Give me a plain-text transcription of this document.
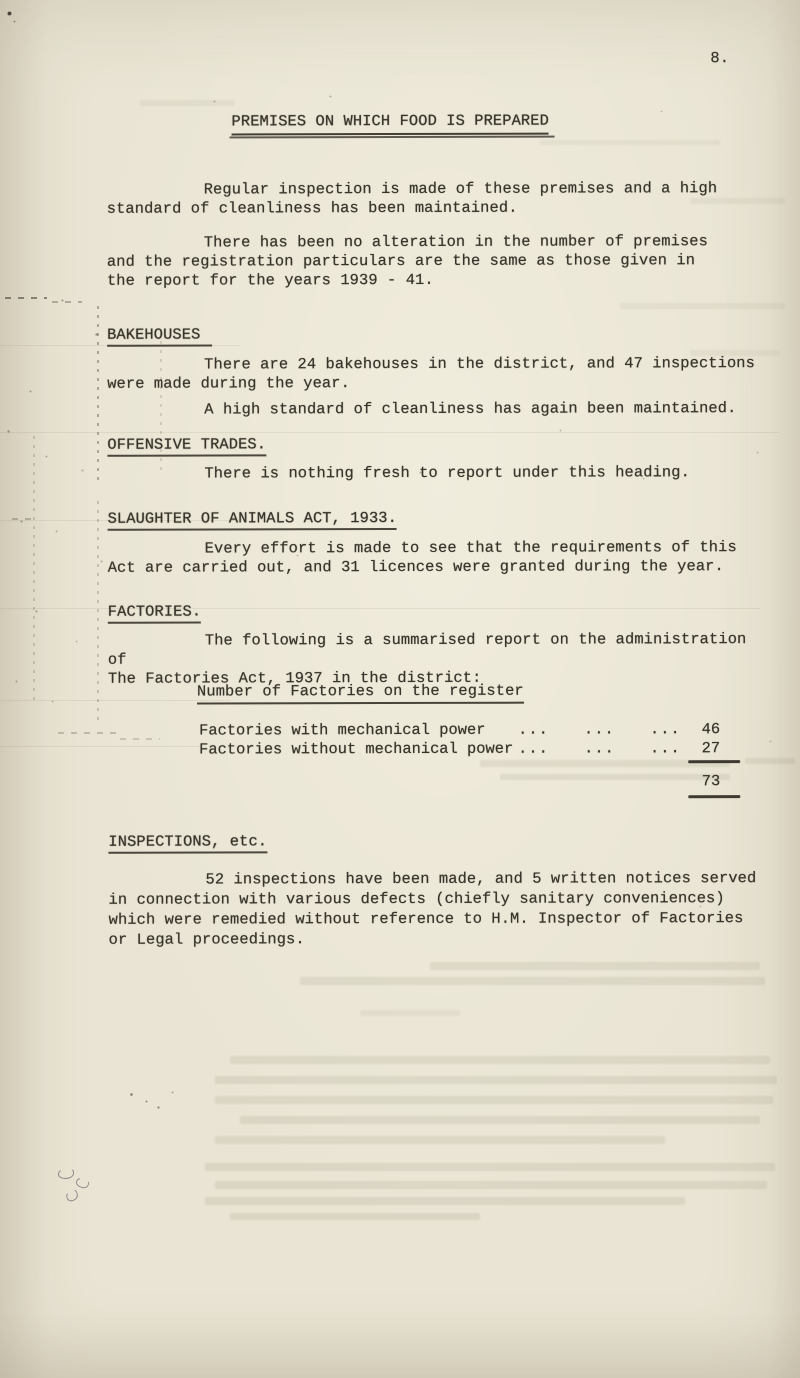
8.
PREMISES ON WHICH FOOD IS PREPARED
Regular inspection is made of these premises and a high
standard of cleanliness has been maintained.
There has been no alteration in the number of premises
and the registration particulars are the same as those given in
the report for the years 1939 - 41.
BAKEHOUSES
There are 24 bakehouses in the district, and 47 inspections
were made during the year.
A high standard of cleanliness has again been maintained.
OFFENSIVE TRADES.
There is nothing fresh to report under this heading.
SLAUGHTER OF ANIMALS ACT, 1933.
Every effort is made to see that the requirements of this
Act are carried out, and 31 licences were granted during the year.
FACTORIES.
The following is a summarised report on the administration of
The Factories Act, 1937 in the district:
Number of Factories on the register
Factories with mechanical power	... ... ...	46
Factories without mechanical power ... ... ...	27
73
INSPECTIONS, etc.
52 inspections have been made, and 5 written notices served
in connection with various defects (chiefly sanitary conveniences)
which were remedied without reference to H.M. Inspector of Factories
or Legal proceedings.
